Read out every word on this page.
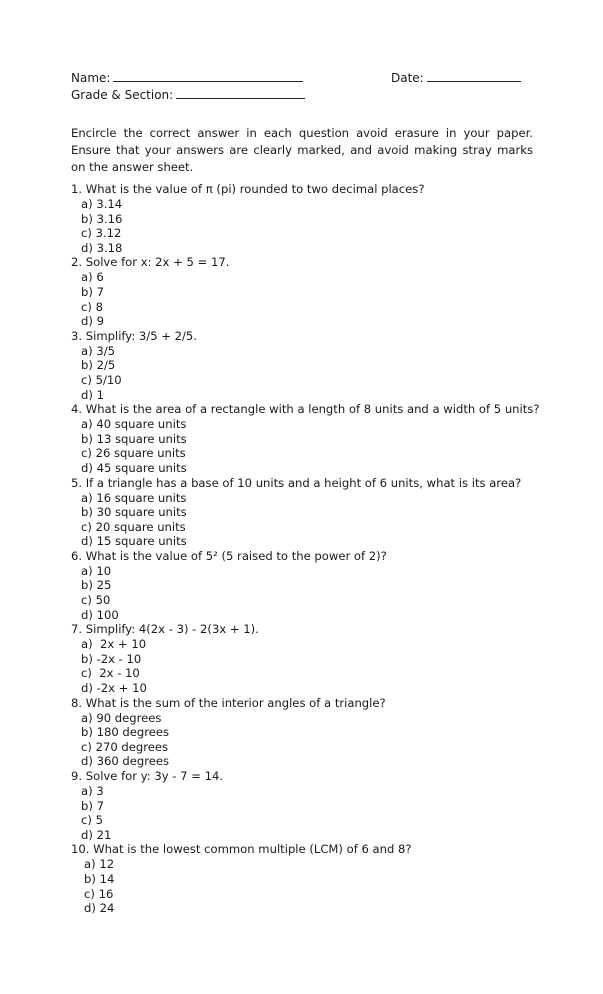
Name:	Date:
Grade & Section:
Encircle the correct answer in each question avoid erasure in your paper. Ensure that your answers are clearly marked, and avoid making stray marks on the answer sheet.
1. What is the value of π (pi) rounded to two decimal places?
a) 3.14
b) 3.16
c) 3.12
d) 3.18
2. Solve for x: 2x + 5 = 17.
a) 6
b) 7
c) 8
d) 9
3. Simplify: 3/5 + 2/5.
a) 3/5
b) 2/5
c) 5/10
d) 1
4. What is the area of a rectangle with a length of 8 units and a width of 5 units?
a) 40 square units
b) 13 square units
c) 26 square units
d) 45 square units
5. If a triangle has a base of 10 units and a height of 6 units, what is its area?
a) 16 square units
b) 30 square units
c) 20 square units
d) 15 square units
6. What is the value of 5² (5 raised to the power of 2)?
a) 10
b) 25
c) 50
d) 100
7. Simplify: 4(2x - 3) - 2(3x + 1).
a)  2x + 10
b) -2x - 10
c)  2x - 10
d) -2x + 10
8. What is the sum of the interior angles of a triangle?
a) 90 degrees
b) 180 degrees
c) 270 degrees
d) 360 degrees
9. Solve for y: 3y - 7 = 14.
a) 3
b) 7
c) 5
d) 21
10. What is the lowest common multiple (LCM) of 6 and 8?
a) 12
b) 14
c) 16
d) 24
